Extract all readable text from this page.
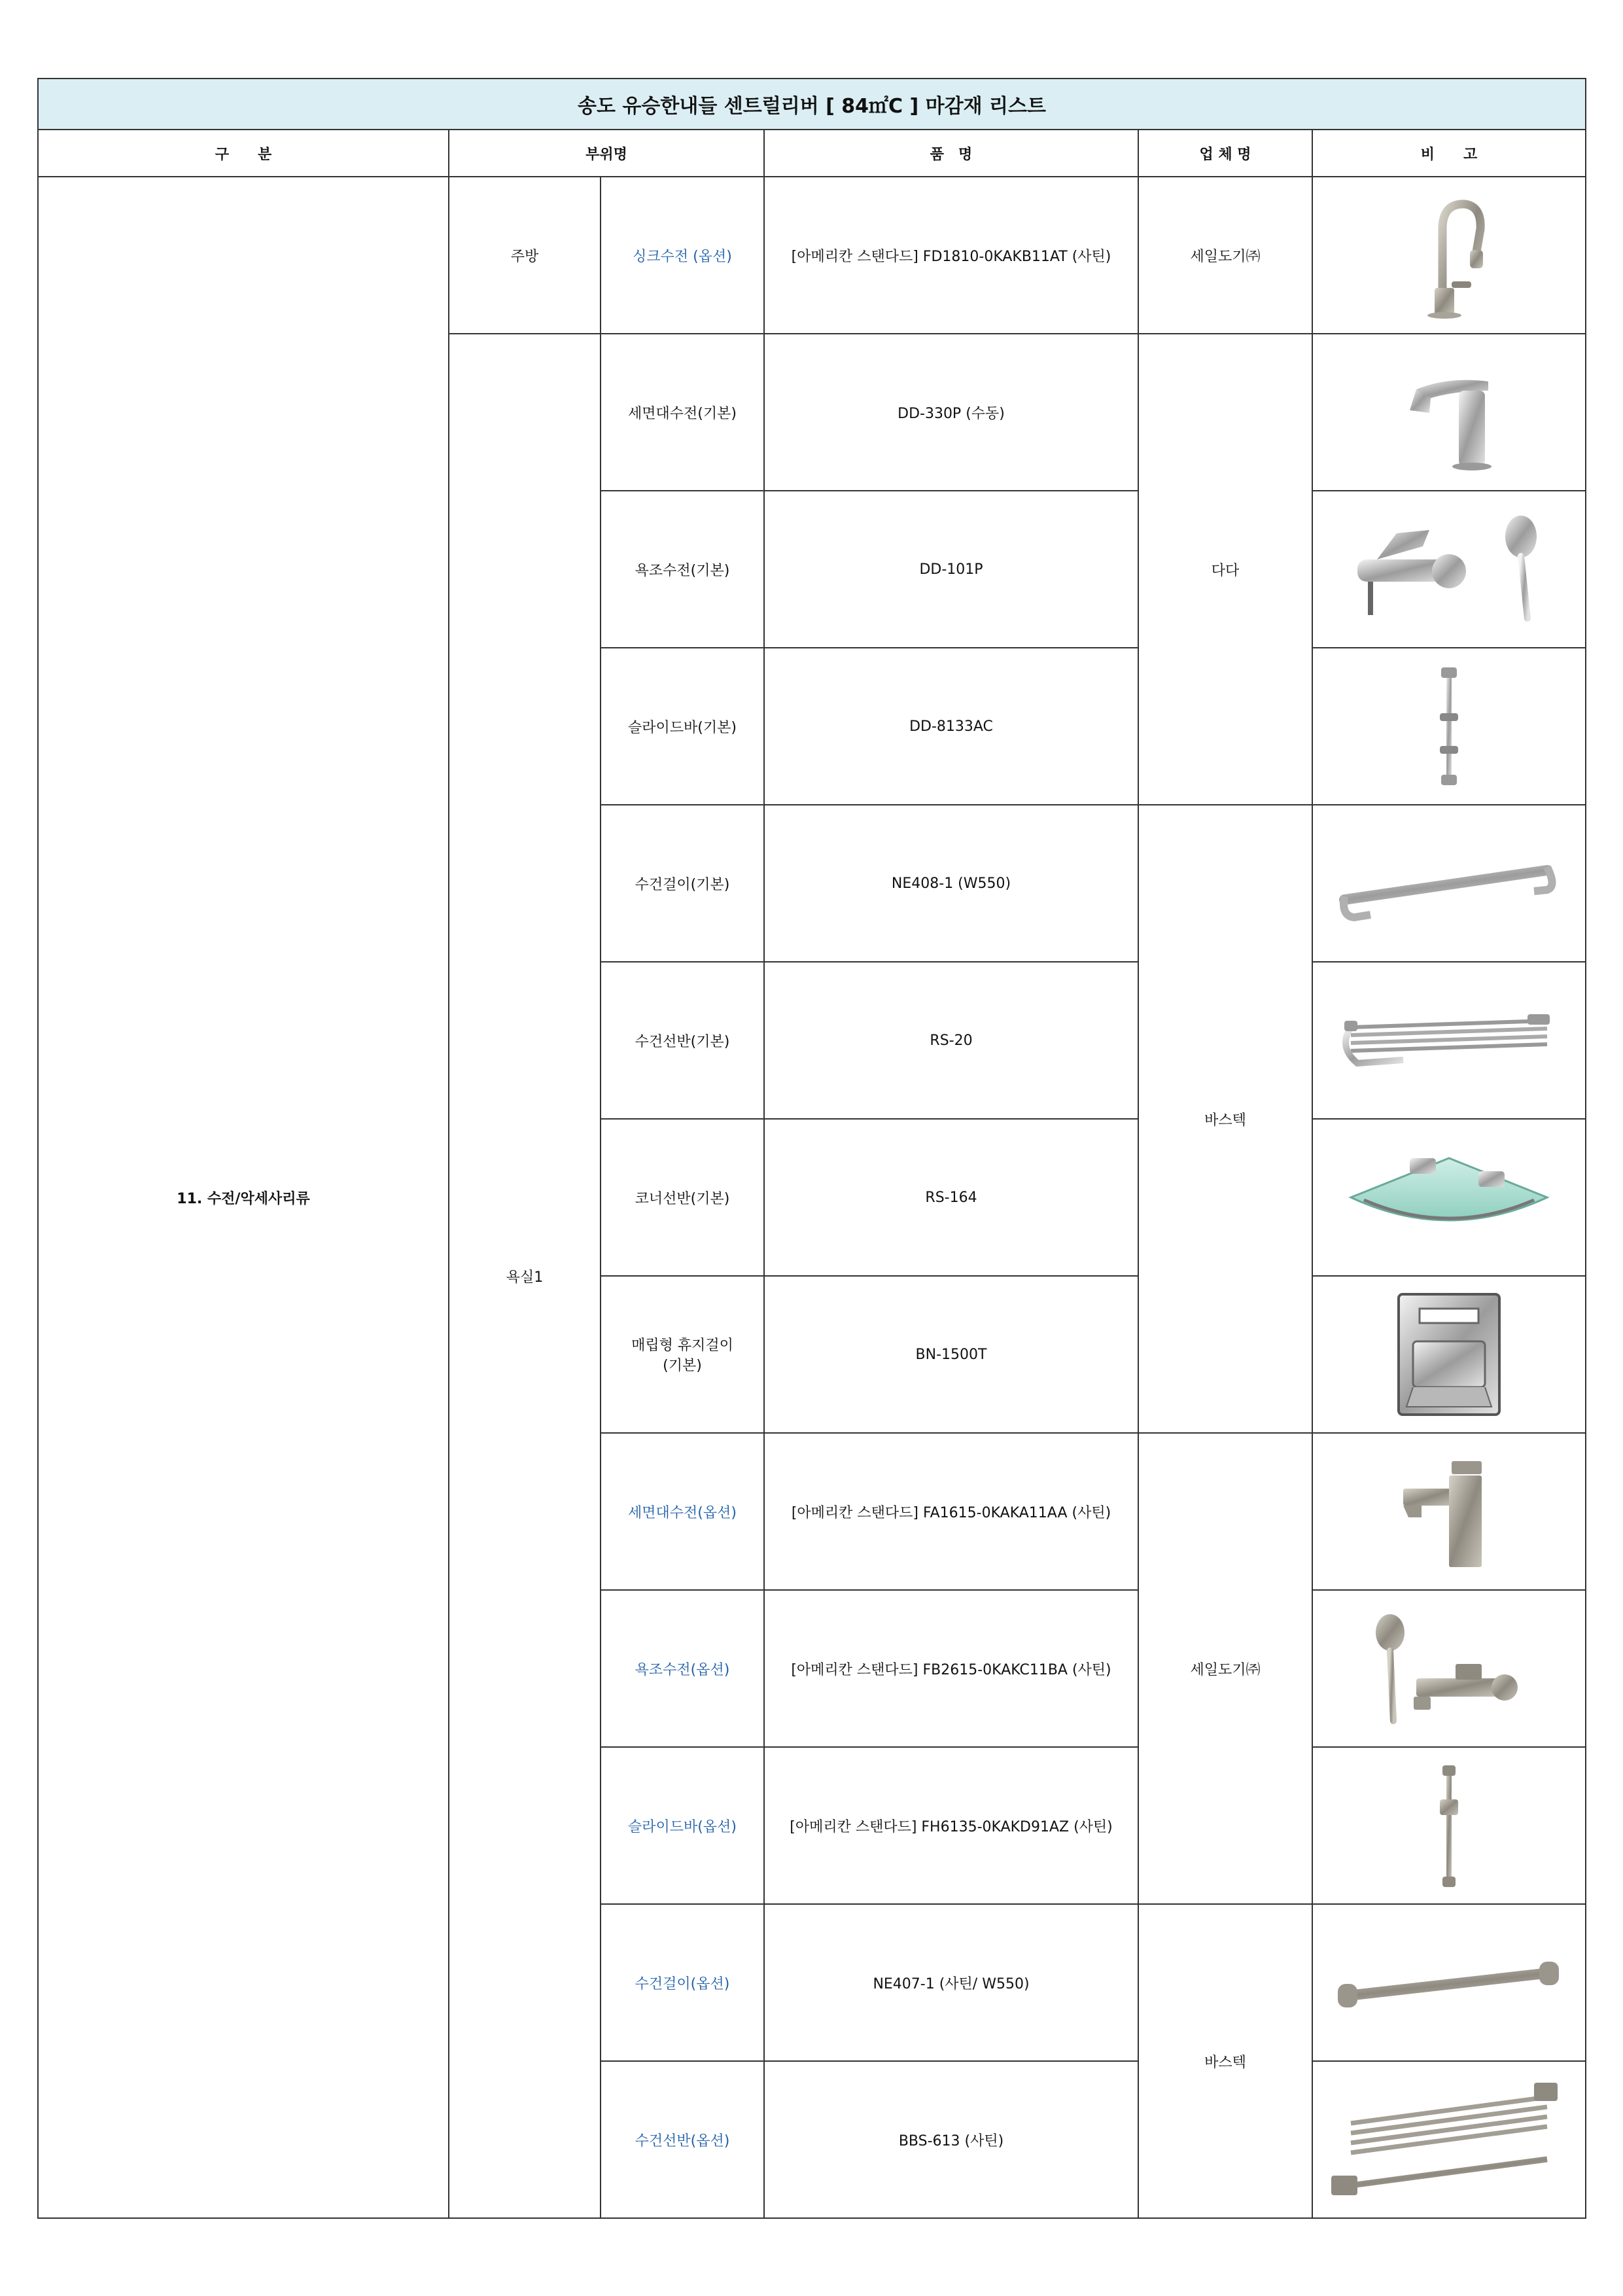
송도 유승한내들 센트럴리버 [ 84㎡C ] 마감재 리스트					
구　　분	부위명		품　명	업 체 명	비　　고
11. 수전/악세사리류	주방	싱크수전 (옵션)	[아메리칸 스탠다드] FD1810-0KAKB11AT (사틴)	세일도기㈜	

	욕실1	세면대수전(기본)	DD-330P (수동)	다다	

		욕조수전(기본)	DD-101P	

		슬라이드바(기본)	DD-8133AC	

		수건걸이(기본)	NE408-1 (W550)	바스텍	

		수건선반(기본)	RS-20	

		코너선반(기본)	RS-164	

		매립형 휴지걸이
(기본)	BN-1500T	

		세면대수전(옵션)	[아메리칸 스탠다드] FA1615-0KAKA11AA (사틴)	세일도기㈜	

		욕조수전(옵션)	[아메리칸 스탠다드] FB2615-0KAKC11BA (사틴)	

		슬라이드바(옵션)	[아메리칸 스탠다드] FH6135-0KAKD91AZ (사틴)	

		수건걸이(옵션)	NE407-1 (사틴/ W550)	바스텍	

		수건선반(옵션)	BBS-613 (사틴)	
